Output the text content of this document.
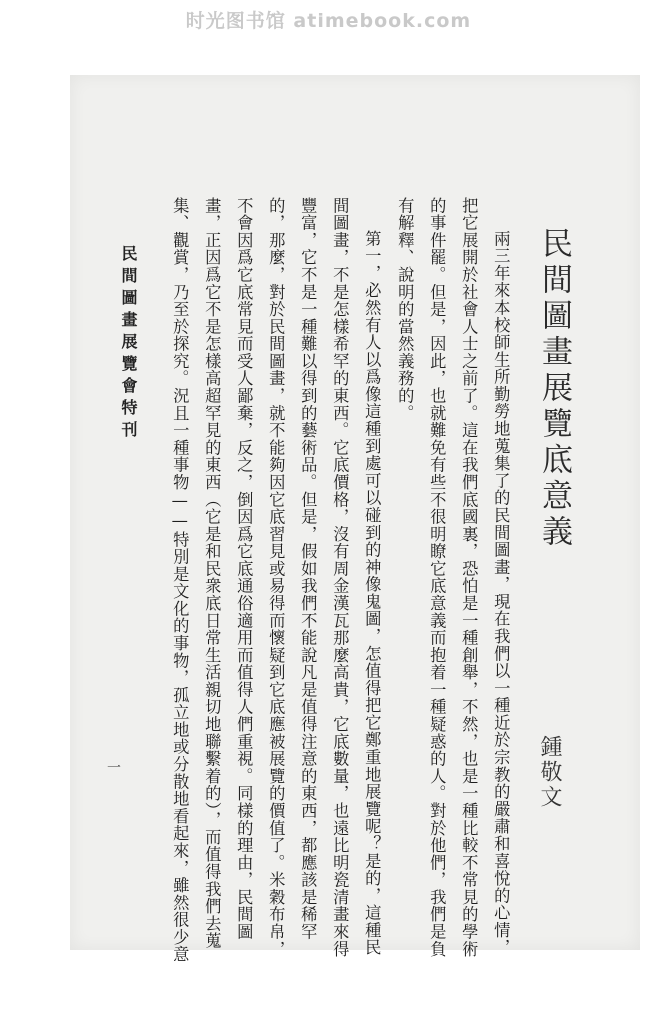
时光图书馆 atimebook.com
民間圖畫展覽底意義
鍾敬文
兩三年來本校師生所勤勞地蒐集了的民間圖畫，現在我們以一種近於宗教的嚴肅和喜悅的心情，
把它展開於社會人士之前了。這在我們底國裏，恐怕是一種創舉，不然，也是一種比較不常見的學術
的事件罷。但是，因此，也就難免有些不很明瞭它底意義而抱着一種疑惑的人。對於他們，我們是負
有解釋、說明的當然義務的。
第一，必然有人以爲像這種到處可以碰到的神像鬼圖，怎值得把它鄭重地展覽呢？是的，這種民
間圖畫，不是怎樣希罕的東西。它底價格，沒有周金漢瓦那麼高貴，它底數量，也遠比明瓷清畫來得
豐富，它不是一種難以得到的藝術品。但是，假如我們不能說凡是值得注意的東西，都應該是稀罕
的，那麼，對於民間圖畫，就不能夠因它底習見或易得而懷疑到它底應被展覽的價值了。米穀布帛，
不會因爲它底常見而受人鄙棄，反之，倒因爲它底通俗適用而值得人們重視。同樣的理由，民間圖
畫，正因爲它不是怎樣高超罕見的東西（它是和民衆底日常生活親切地聯繫着的），而值得我們去蒐
集、觀賞，乃至於探究。況且一種事物——特別是文化的事物，孤立地或分散地看起來，雖然很少意
民間圖畫展覽會特刊
一
